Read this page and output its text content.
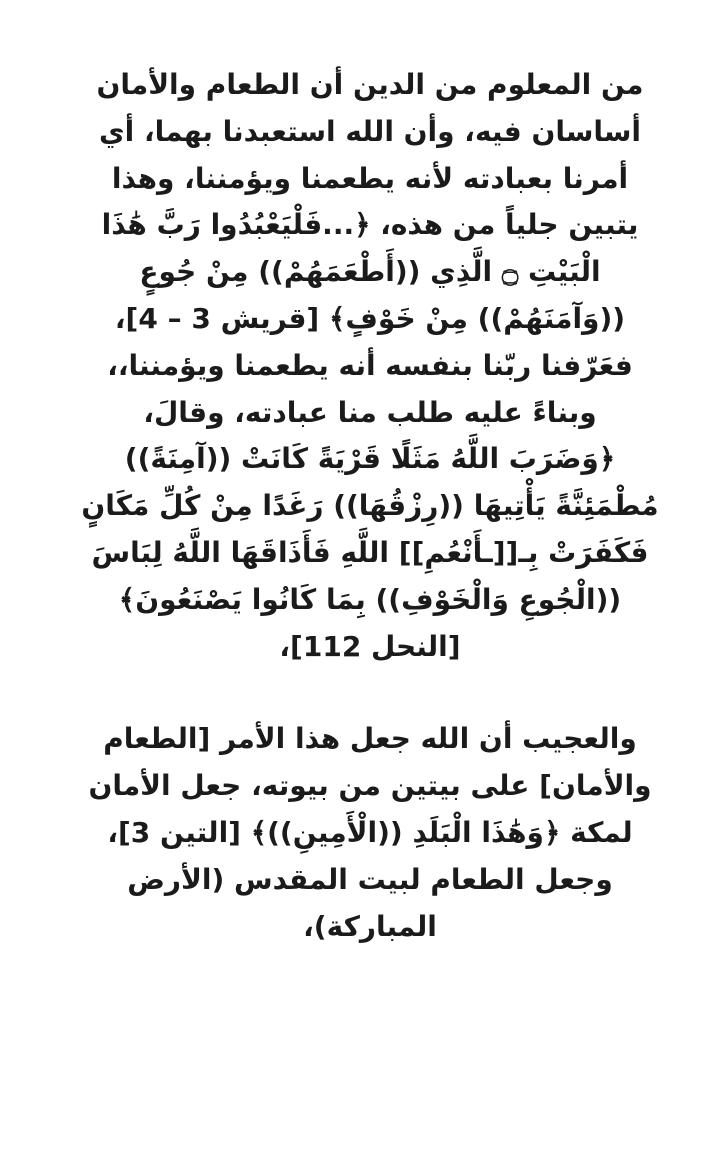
من المعلوم من الدين أن الطعام والأمان
أساسان فيه، وأن الله استعبدنا بهما، أي
أمرنا بعبادته لأنه يطعمنا ويؤمننا، وهذا
يتبين جلياً من هذه، ﴿...فَلْيَعْبُدُوا رَبَّ هَٰذَا
الْبَيْتِ ۝ الَّذِي ((أَطْعَمَهُمْ)) مِنْ جُوعٍ
((وَآمَنَهُمْ)) مِنْ خَوْفٍ﴾ [قريش 3 – 4]،
فعَرّفنا ربّنا بنفسه أنه يطعمنا ويؤمننا،،
وبناءً عليه طلب منا عبادته، وقالَ،
﴿وَضَرَبَ اللَّهُ مَثَلًا قَرْيَةً كَانَتْ ((آمِنَةً))
مُطْمَئِنَّةً يَأْتِيهَا ((رِزْقُهَا)) رَغَدًا مِنْ كُلِّ مَكَانٍ
فَكَفَرَتْ بِـ[[ـأَنْعُمِ]] اللَّهِ فَأَذَاقَهَا اللَّهُ لِبَاسَ
((الْجُوعِ وَالْخَوْفِ)) بِمَا كَانُوا يَصْنَعُونَ﴾
[النحل 112]،

والعجيب أن الله جعل هذا الأمر [الطعام
والأمان] على بيتين من بيوته، جعل الأمان
لمكة ﴿وَهَٰذَا الْبَلَدِ ((الْأَمِينِ))﴾ [التين 3]،
وجعل الطعام لبيت المقدس (الأرض
المباركة)،
